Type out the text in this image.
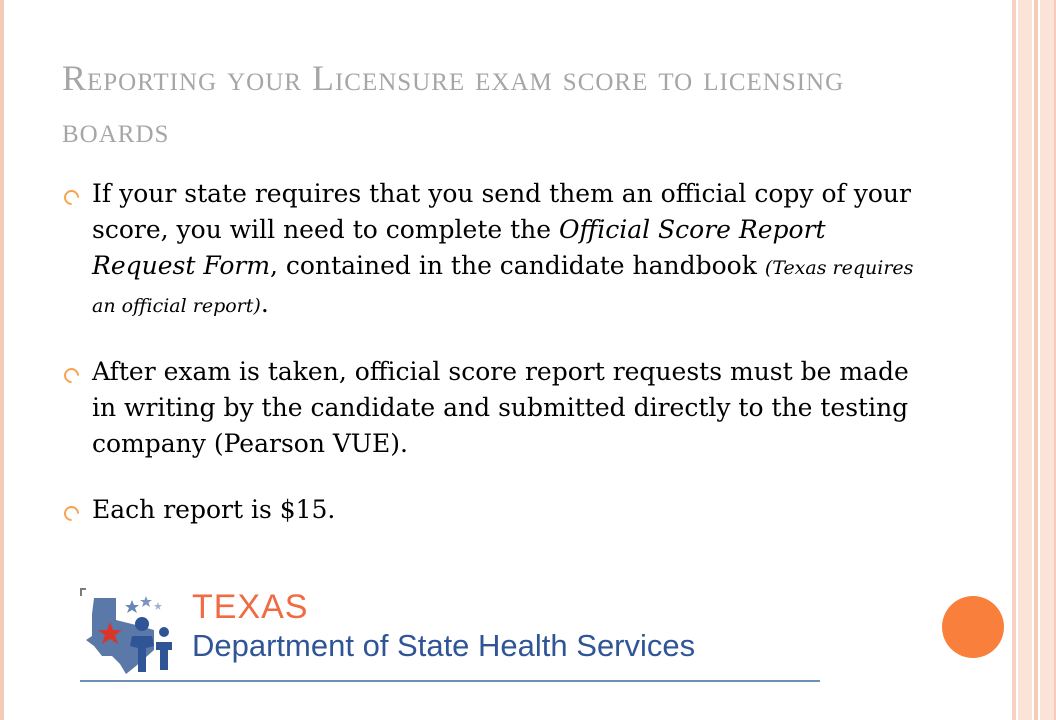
Reporting your Licensure exam score to licensing boards
If your state requires that you send them an official copy of your score, you will need to complete the Official Score Report Request Form, contained in the candidate handbook (Texas requires an official report).
After exam is taken, official score report requests must be made in writing by the candidate and submitted directly to the testing company (Pearson VUE).
Each report is $15.
TEXAS
Department of State Health Services
